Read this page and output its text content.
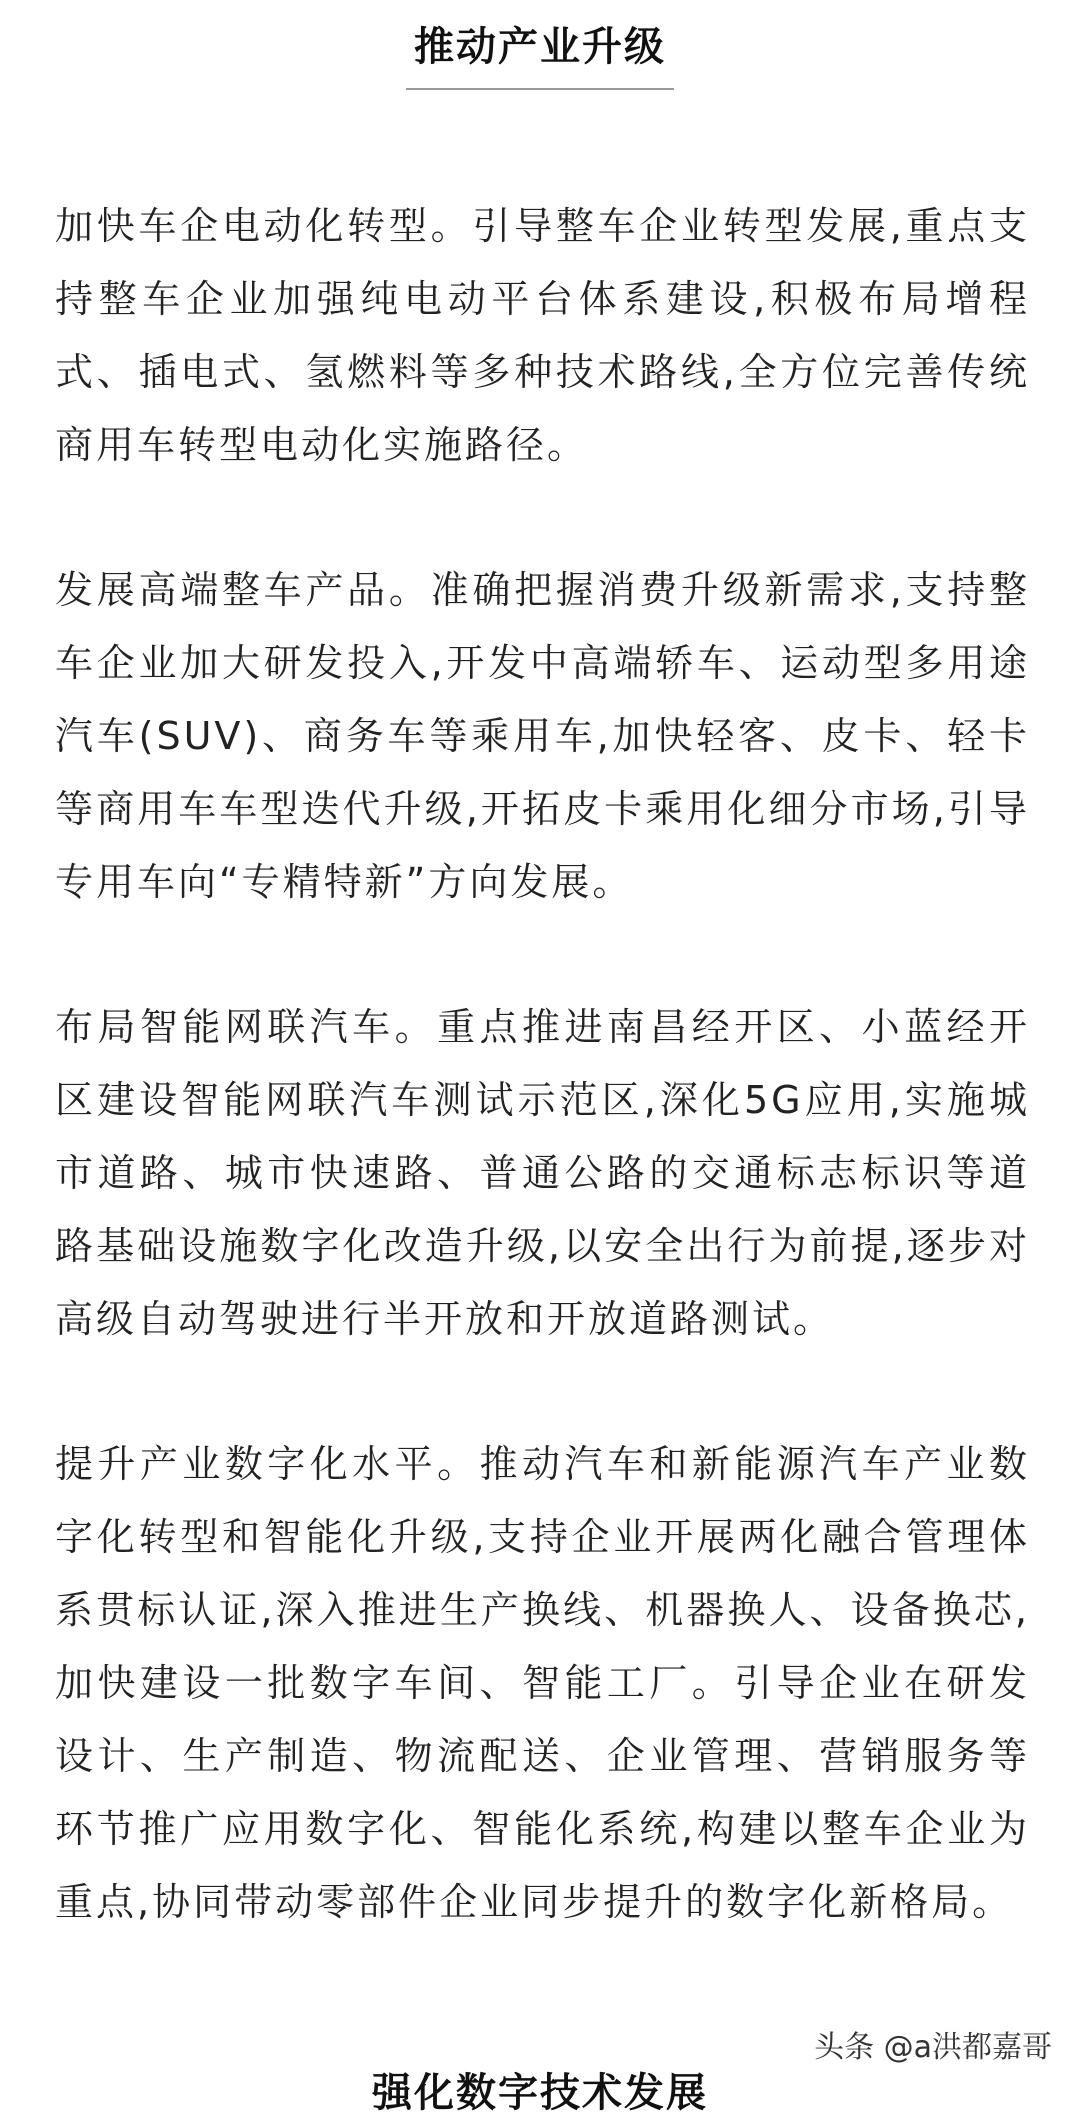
推动产业升级

加快车企电动化转型。引导整车企业转型发展,重点支持整车企业加强纯电动平台体系建设,积极布局增程式、插电式、氢燃料等多种技术路线,全方位完善传统商用车转型电动化实施路径。

发展高端整车产品。准确把握消费升级新需求,支持整车企业加大研发投入,开发中高端轿车、运动型多用途汽车(SUV)、商务车等乘用车,加快轻客、皮卡、轻卡等商用车车型迭代升级,开拓皮卡乘用化细分市场,引导专用车向“专精特新”方向发展。

布局智能网联汽车。重点推进南昌经开区、小蓝经开区建设智能网联汽车测试示范区,深化5G应用,实施城市道路、城市快速路、普通公路的交通标志标识等道路基础设施数字化改造升级,以安全出行为前提,逐步对高级自动驾驶进行半开放和开放道路测试。

提升产业数字化水平。推动汽车和新能源汽车产业数字化转型和智能化升级,支持企业开展两化融合管理体系贯标认证,深入推进生产换线、机器换人、设备换芯,加快建设一批数字车间、智能工厂。引导企业在研发设计、生产制造、物流配送、企业管理、营销服务等环节推广应用数字化、智能化系统,构建以整车企业为重点,协同带动零部件企业同步提升的数字化新格局。

头条 @a洪都嘉哥
强化数字技术发展
